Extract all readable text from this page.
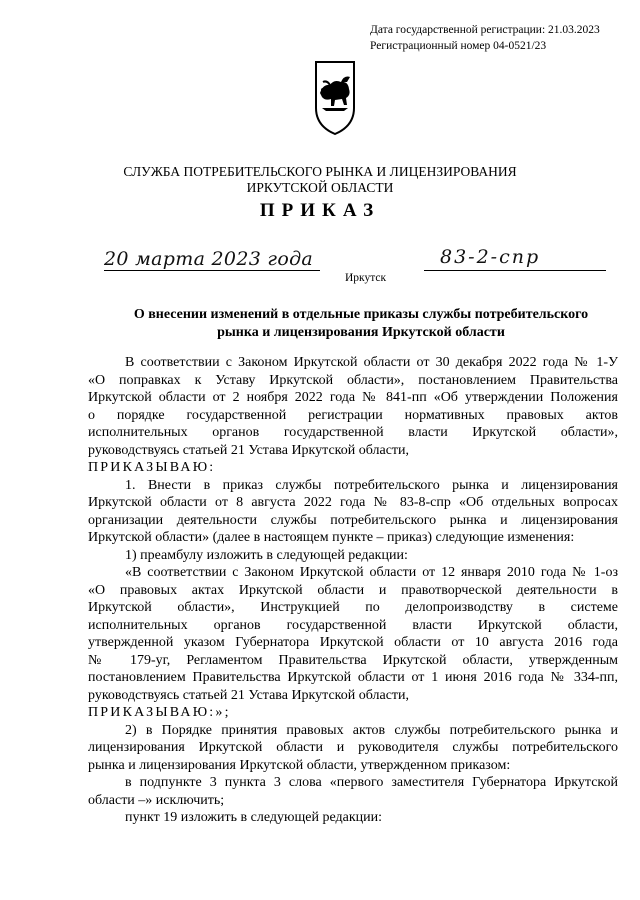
Дата государственной регистрации: 21.03.2023
Регистрационный номер 04-0521/23
СЛУЖБА ПОТРЕБИТЕЛЬСКОГО РЫНКА И ЛИЦЕНЗИРОВАНИЯ
ИРКУТСКОЙ ОБЛАСТИ
ПРИКАЗ
20 марта 2023 года
Иркутск
83-2-спр
О внесении изменений в отдельные приказы службы потребительского
рынка и лицензирования Иркутской области

В соответствии с Законом Иркутской области от 30 декабря 2022 года № 1-У

«О поправках к Уставу Иркутской области», постановлением Правительства

Иркутской области от 2 ноября 2022 года № 841-пп «Об утверждении Положения

о порядке государственной регистрации нормативных правовых актов

исполнительных органов государственной власти Иркутской области»,

руководствуясь статьей 21 Устава Иркутской области,

ПРИКАЗЫВАЮ:

1. Внести в приказ службы потребительского рынка и лицензирования

Иркутской области от 8 августа 2022 года № 83-8-спр «Об отдельных вопросах

организации деятельности службы потребительского рынка и лицензирования

Иркутской области» (далее в настоящем пункте – приказ) следующие изменения:

1) преамбулу изложить в следующей редакции:

«В соответствии с Законом Иркутской области от 12 января 2010 года № 1-оз

«О правовых актах Иркутской области и правотворческой деятельности в

Иркутской области», Инструкцией по делопроизводству в системе

исполнительных органов государственной власти Иркутской области,

утвержденной указом Губернатора Иркутской области от 10 августа 2016 года

№ 179-уг, Регламентом Правительства Иркутской области, утвержденным

постановлением Правительства Иркутской области от 1 июня 2016 года № 334-пп,

руководствуясь статьей 21 Устава Иркутской области,

ПРИКАЗЫВАЮ:»;

2) в Порядке принятия правовых актов службы потребительского рынка и

лицензирования Иркутской области и руководителя службы потребительского

рынка и лицензирования Иркутской области, утвержденном приказом:

в подпункте 3 пункта 3 слова «первого заместителя Губернатора Иркутской

области –» исключить;

пункт 19 изложить в следующей редакции:
